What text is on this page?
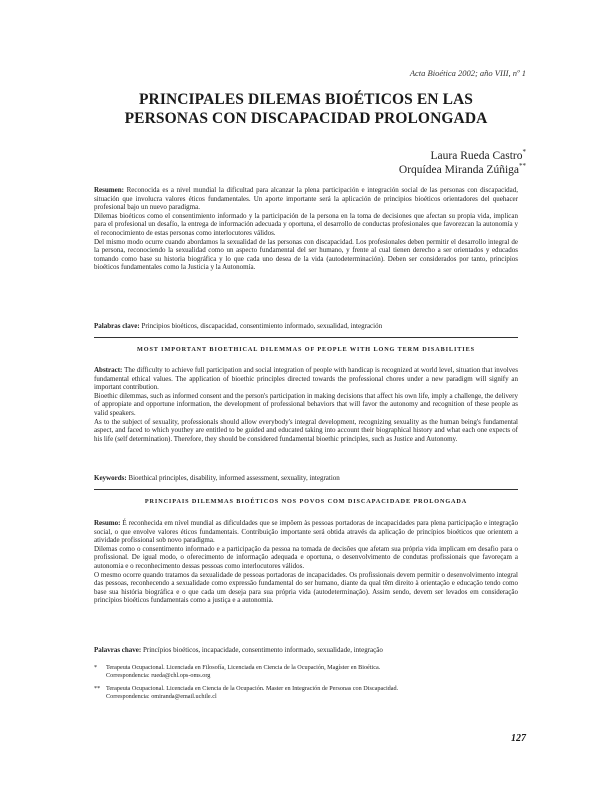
Acta Bioética 2002; año VIII, nº 1
PRINCIPALES DILEMAS BIOÉTICOS EN LAS
PERSONAS CON DISCAPACIDAD PROLONGADA
Laura Rueda Castro*
Orquídea Miranda Zúñiga**

Resumen: Reconocida es a nivel mundial la dificultad para alcanzar la plena participación e integración social de las personas con discapacidad, situación que involucra valores éticos fundamentales. Un aporte importante será la aplicación de principios bioéticos orientadores del quehacer profesional bajo un nuevo paradigma.

Dilemas bioéticos como el consentimiento informado y la participación de la persona en la toma de decisiones que afectan su propia vida, implican para el profesional un desafío, la entrega de información adecuada y oportuna, el desarrollo de conductas profesionales que favorezcan la autonomía y el reconocimiento de estas personas como interlocutores válidos.

Del mismo modo ocurre cuando abordamos la sexualidad de las personas con discapacidad. Los profesionales deben permitir el desarrollo integral de la persona, reconociendo la sexualidad como un aspecto fundamental del ser humano, y frente al cual tienen derecho a ser orientados y educados tomando como base su historia biográfica y lo que cada uno desea de la vida (autodeterminación). Deben ser considerados por tanto, principios bioéticos fundamentales como la Justicia y la Autonomía.

Palabras clave: Principios bioéticos, discapacidad, consentimiento informado, sexualidad, integración
MOST IMPORTANT BIOETHICAL DILEMMAS OF PEOPLE WITH LONG TERM DISABILITIES

Abstract: The difficulty to achieve full participation and social integration of people with handicap is recognized at world level, situation that involves fundamental ethical values. The application of bioethic principles directed towards the professional chores under a new paradigm will signify an important contribution.

Bioethic dilemmas, such as informed consent and the person's participation in making decisions that affect his own life, imply a challenge, the delivery of appropiate and opportune information, the development of professional behaviors that will favor the autonomy and recognition of these people as valid speakers.

As to the subject of sexuality, professionals should allow everybody's integral development, recognizing sexuality as the human being's fundamental aspect, and faced to which youthey are entitled to be guided and educated taking into account their biographical history and what each one expects of his life (self determination). Therefore, they should be considered fundamental bioethic principles, such as Justice and Autonomy.

Keywords: Bioethical principles, disability, informed assessment, sexuality, integration
PRINCIPAIS DILEMMAS BIOÉTICOS NOS POVOS COM DISCAPACIDADE PROLONGADA

Resumo: É reconhecida em nível mundial as dificuldades que se impõem às pessoas portadoras de incapacidades para plena participação e integração social, o que envolve valores éticos fundamentais. Contribuição importante será obtida através da aplicação de princípios bioéticos que orientem a atividade profissional sob novo paradigma.

Dilemas como o consentimento informado e a participação da pessoa na tomada de decisões que afetam sua própria vida implicam em desafio para o profissional. De igual modo, o oferecimento de informação adequada e oportuna, o desenvolvimento de condutas profissionais que favoreçam a autonomia e o reconhecimento dessas pessoas como interlocutores válidos.

O mesmo ocorre quando tratamos da sexualidade de pessoas portadoras de incapacidades. Os profissionais devem permitir o desenvolvimento integral das pessoas, reconhecendo a sexualidade como expressão fundamental do ser humano, diante da qual têm direito à orientação e educação tendo como base sua história biográfica e o que cada um deseja para sua própria vida (autodeterminação). Assim sendo, devem ser levados em consideração princípios bioéticos fundamentais como a justiça e a autonomia.

Palavras chave: Princípios bioéticos, incapacidade, consentimento informado, sexualidade, integração
*	Terapeuta Ocupacional. Licenciada en Filosofía, Licenciada en Ciencia de la Ocupación, Magíster en Bioética.
Correspondencia: rueda@chl.ops-oms.org
** Terapeuta Ocupacional. Licenciada en Ciencia de la Ocupación. Master en Integración de Personas con Discapacidad.
Correspondencia: omiranda@email.uchile.cl
127
